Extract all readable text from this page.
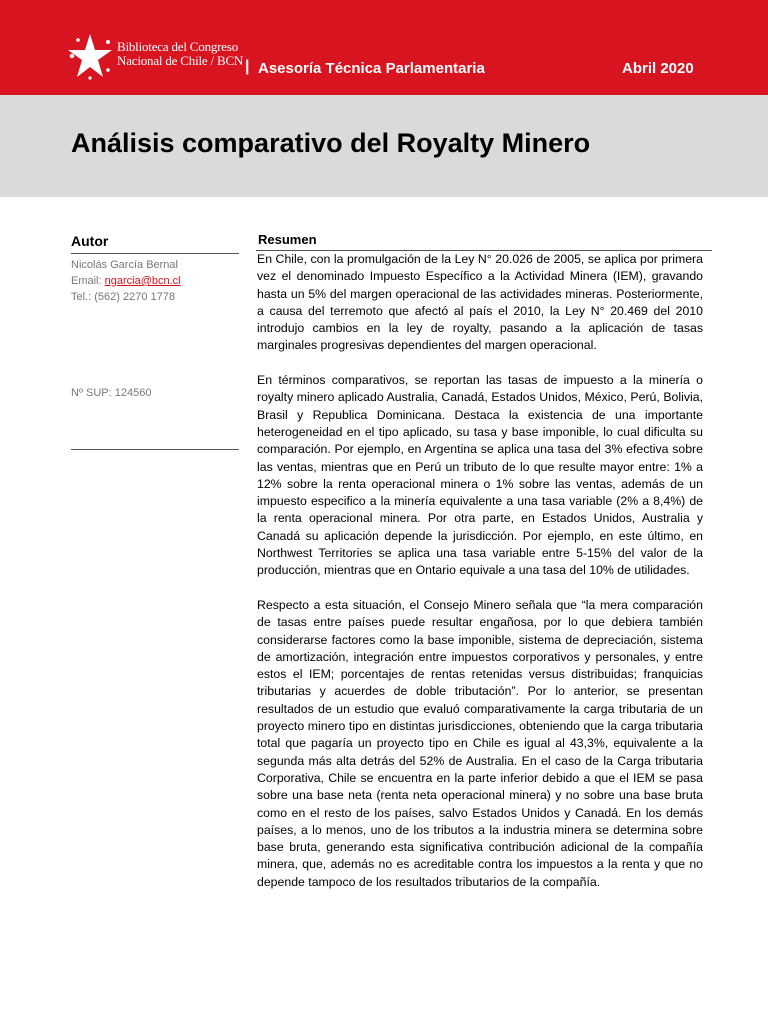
Biblioteca del Congreso
Nacional de Chile / BCN | Asesoría Técnica Parlamentaria	Abril 2020
Análisis comparativo del Royalty Minero
Autor
Nicolás García Bernal
Email: ngarcia@bcn.cl
Tel.: (562) 2270 1778
Nº SUP: 124560
Resumen

En Chile, con la promulgación de la Ley N° 20.026 de 2005, se aplica por primera vez el denominado Impuesto Específico a la Actividad Minera (IEM), gravando hasta un 5% del margen operacional de las actividades mineras. Posteriormente, a causa del terremoto que afectó al país el 2010, la Ley N° 20.469 del 2010 introdujo cambios en la ley de royalty, pasando a la aplicación de tasas marginales progresivas dependientes del margen operacional.

En términos comparativos, se reportan las tasas de impuesto a la minería o royalty minero aplicado Australia, Canadá, Estados Unidos, México, Perú, Bolivia, Brasil y Republica Dominicana. Destaca la existencia de una importante heterogeneidad en el tipo aplicado, su tasa y base imponible, lo cual dificulta su comparación. Por ejemplo, en Argentina se aplica una tasa del 3% efectiva sobre las ventas, mientras que en Perú un tributo de lo que resulte mayor entre: 1% a 12% sobre la renta operacional minera o 1% sobre las ventas, además de un impuesto especifico a la minería equivalente a una tasa variable (2% a 8,4%) de la renta operacional minera. Por otra parte, en Estados Unidos, Australia y Canadá su aplicación depende la jurisdicción. Por ejemplo, en este último, en Northwest Territories se aplica una tasa variable entre 5-15% del valor de la producción, mientras que en Ontario equivale a una tasa del 10% de utilidades.

Respecto a esta situación, el Consejo Minero señala que “la mera comparación de tasas entre países puede resultar engañosa, por lo que debiera también considerarse factores como la base imponible, sistema de depreciación, sistema de amortización, integración entre impuestos corporativos y personales, y entre estos el IEM; porcentajes de rentas retenidas versus distribuidas; franquicias tributarias y acuerdes de doble tributación”. Por lo anterior, se presentan resultados de un estudio que evaluó comparativamente la carga tributaria de un proyecto minero tipo en distintas jurisdicciones, obteniendo que la carga tributaria total que pagaría un proyecto tipo en Chile es igual al 43,3%, equivalente a la segunda más alta detrás del 52% de Australia. En el caso de la Carga tributaria Corporativa, Chile se encuentra en la parte inferior debido a que el IEM se pasa sobre una base neta (renta neta operacional minera) y no sobre una base bruta como en el resto de los países, salvo Estados Unidos y Canadá. En los demás países, a lo menos, uno de los tributos a la industria minera se determina sobre base bruta, generando esta significativa contribución adicional de la compañía minera, que, además no es acreditable contra los impuestos a la renta y que no depende tampoco de los resultados tributarios de la compañía.
